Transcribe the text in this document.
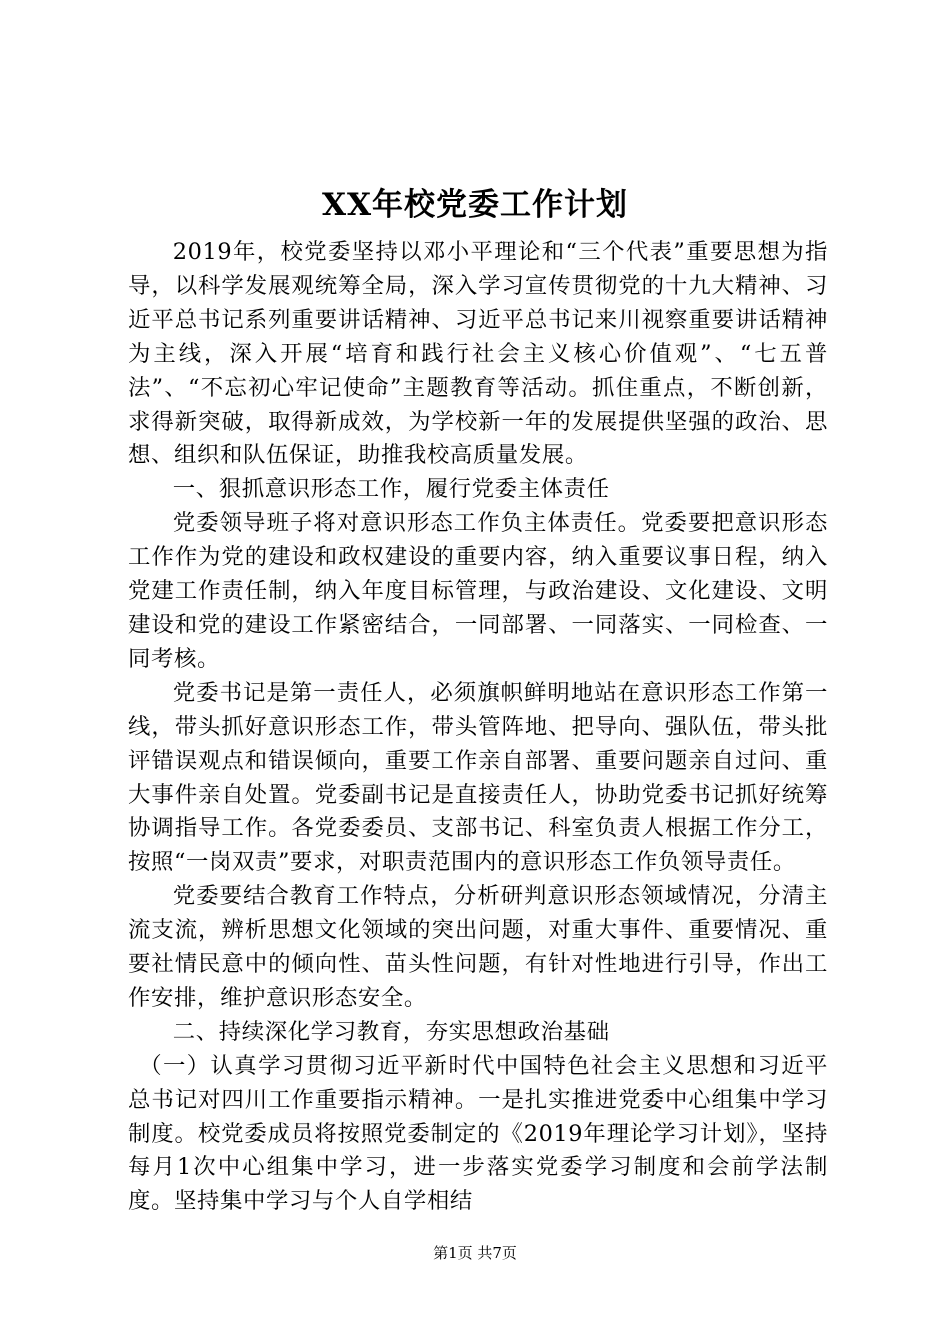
XX年校党委工作计划

2019年，校党委坚持以邓小平理论和“三个代表”重要思想为指导，以科学发展观统筹全局，深入学习宣传贯彻党的十九大精神、习近平总书记系列重要讲话精神、习近平总书记来川视察重要讲话精神为主线，深入开展“培育和践行社会主义核心价值观”、“七五普法”、“不忘初心牢记使命”主题教育等活动。抓住重点，不断创新，求得新突破，取得新成效，为学校新一年的发展提供坚强的政治、思想、组织和队伍保证，助推我校高质量发展。

一、狠抓意识形态工作，履行党委主体责任

党委领导班子将对意识形态工作负主体责任。党委要把意识形态工作作为党的建设和政权建设的重要内容，纳入重要议事日程，纳入党建工作责任制，纳入年度目标管理，与政治建设、文化建设、文明建设和党的建设工作紧密结合，一同部署、一同落实、一同检查、一同考核。

党委书记是第一责任人，必须旗帜鲜明地站在意识形态工作第一线，带头抓好意识形态工作，带头管阵地、把导向、强队伍，带头批评错误观点和错误倾向，重要工作亲自部署、重要问题亲自过问、重大事件亲自处置。党委副书记是直接责任人，协助党委书记抓好统筹协调指导工作。各党委委员、支部书记、科室负责人根据工作分工，按照“一岗双责”要求，对职责范围内的意识形态工作负领导责任。

党委要结合教育工作特点，分析研判意识形态领域情况，分清主流支流，辨析思想文化领域的突出问题，对重大事件、重要情况、重要社情民意中的倾向性、苗头性问题，有针对性地进行引导，作出工作安排，维护意识形态安全。

二、持续深化学习教育，夯实思想政治基础

（一）认真学习贯彻习近平新时代中国特色社会主义思想和习近平总书记对四川工作重要指示精神。一是扎实推进党委中心组集中学习制度。校党委成员将按照党委制定的《2019年理论学习计划》，坚持每月1次中心组集中学习，进一步落实党委学习制度和会前学法制度。坚持集中学习与个人自学相结

第1页 共7页
